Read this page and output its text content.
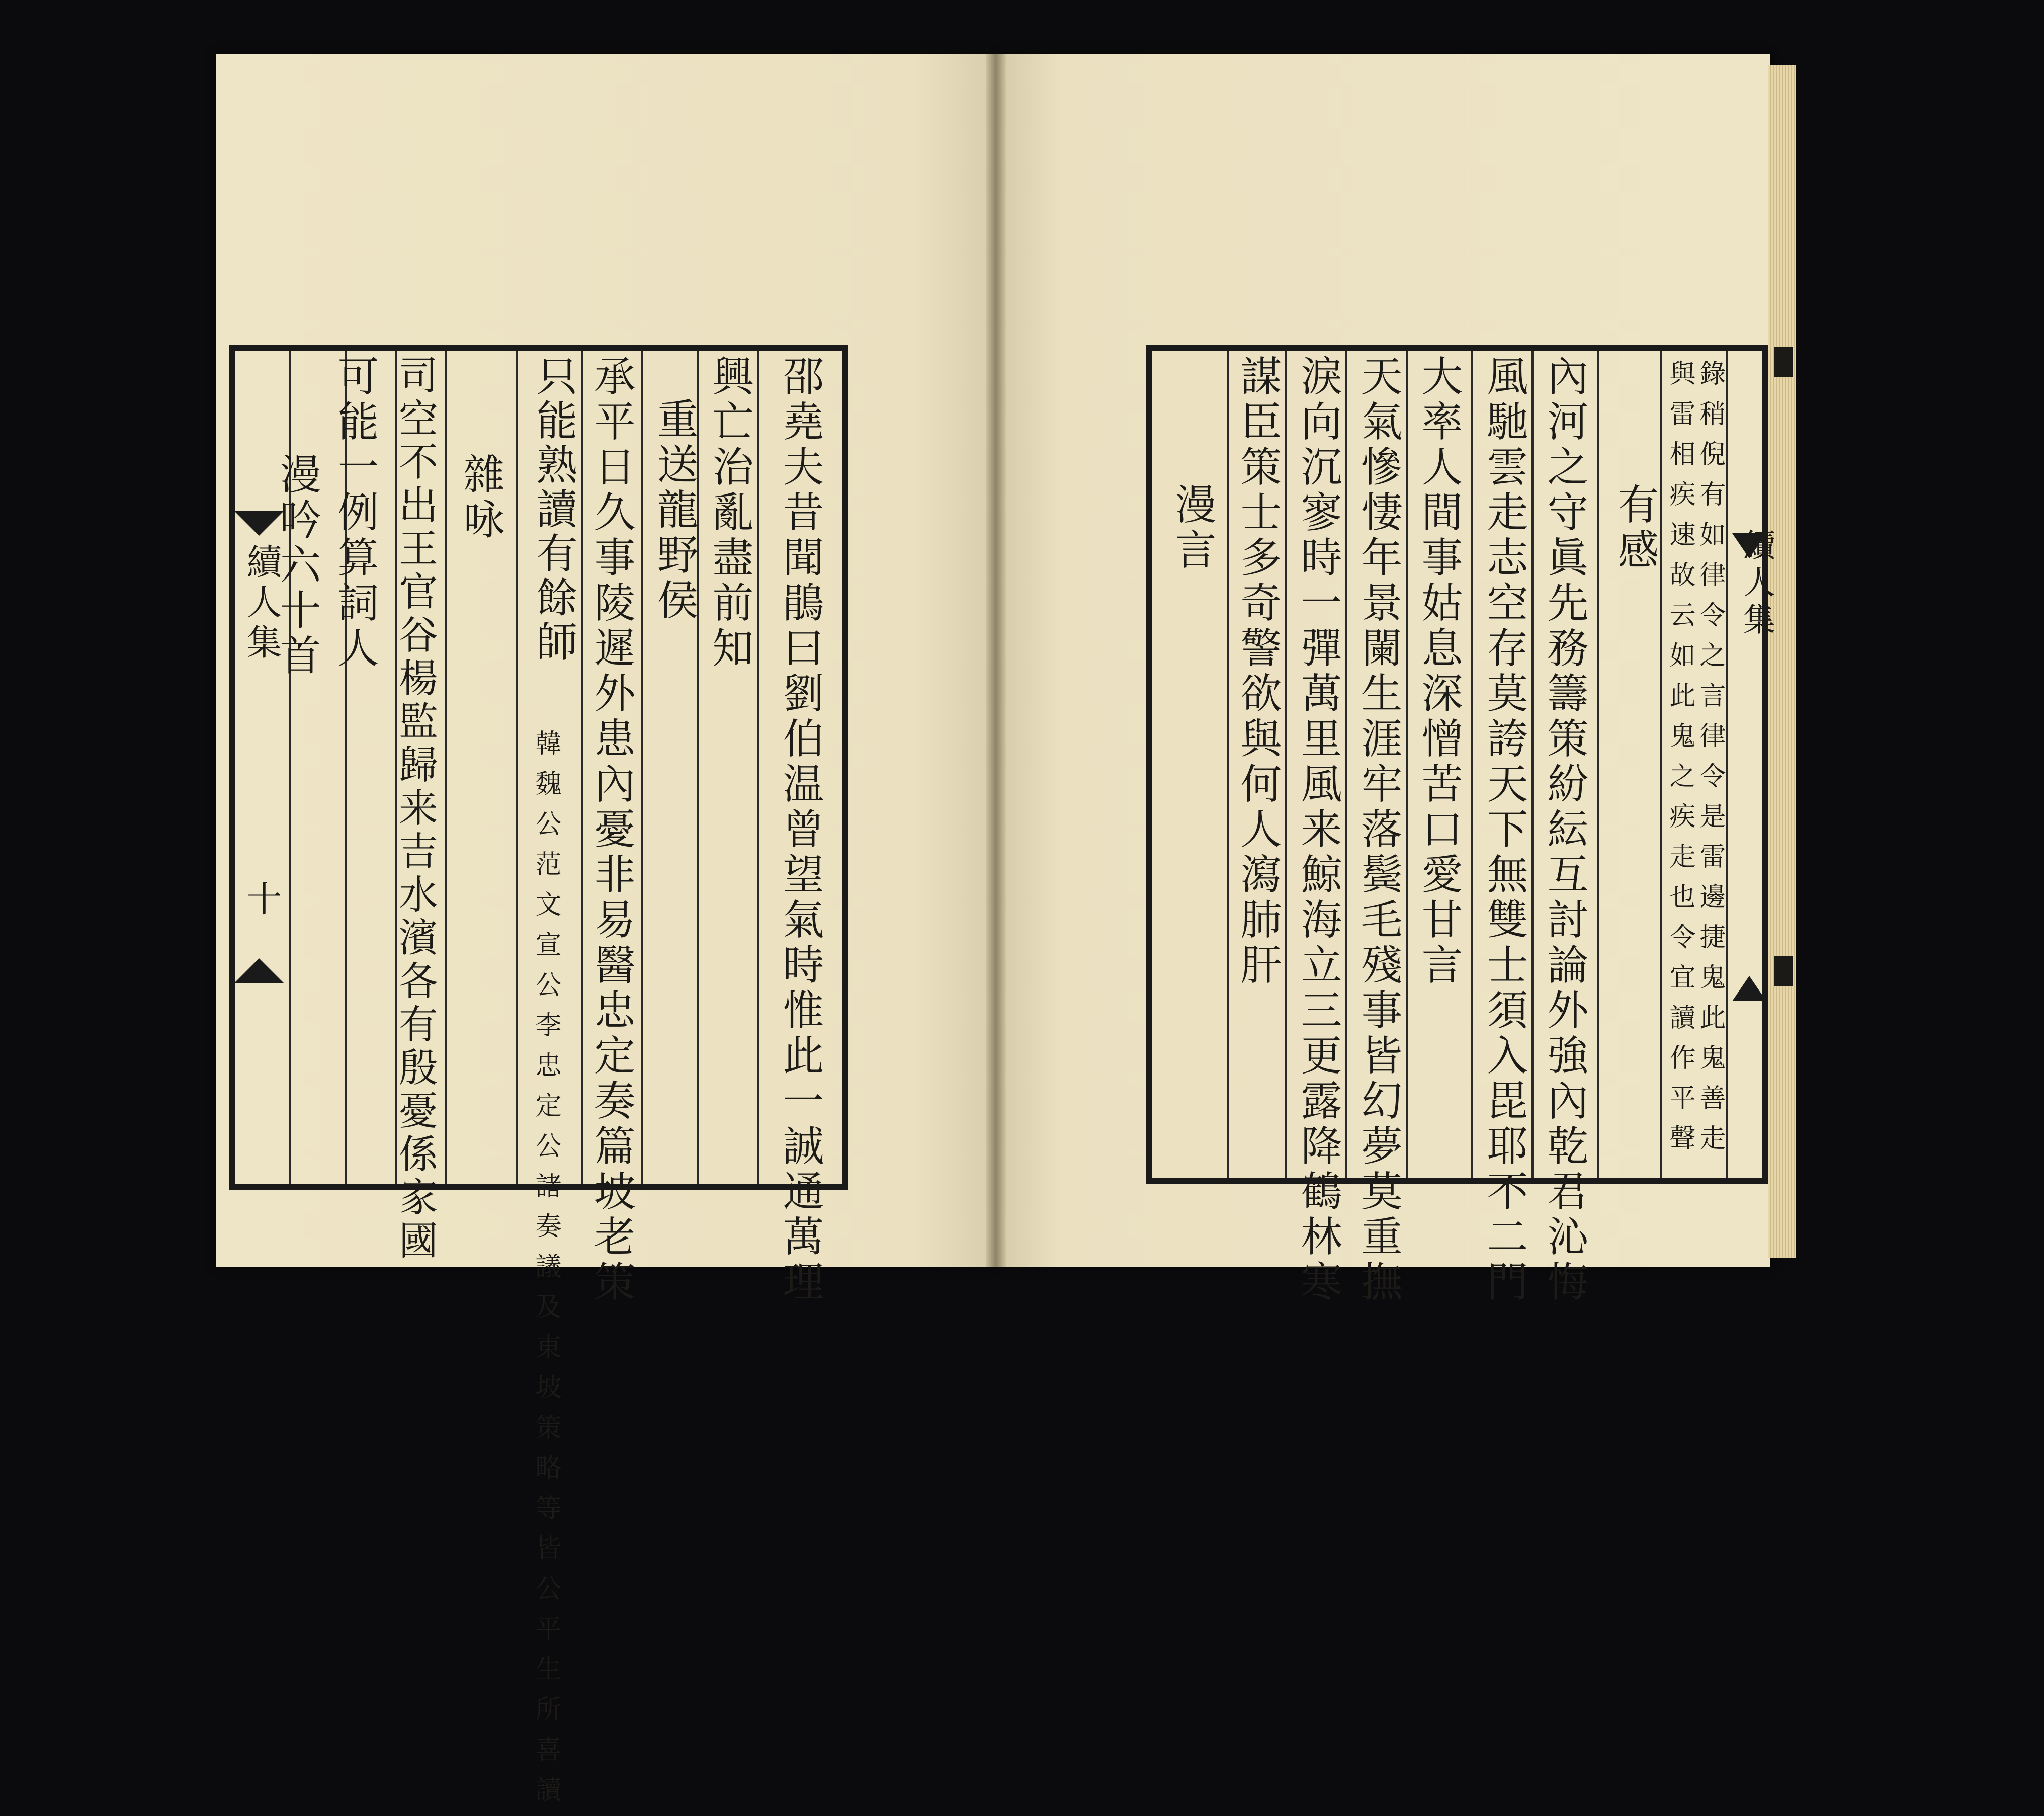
續人集
十	邵堯夫昔聞鵑曰劉伯温曾望氣時惟此一誠通萬理
興亡治亂盡前知
重送龍野侯
承平日久事陵遲外患內憂非易醫忠定奏篇坡老策
只能熟讀有餘師
韓魏公范文宣公李忠定公諸奏議及東坡策略等皆公平生所喜讀
雜咏
司空不出王官谷楊監歸来吉水濱各有殷憂係家國
可能一例算詞人
漫吟六十首	續人集
錄稍倪有如律令之言律令是雷邊捷鬼此鬼善走
與雷相疾速故云如此鬼之疾走也令宜讀作平聲
有感
內河之守眞先務籌策紛紜互討論外強內乾君沁悔
風馳雲走志空存莫誇天下無雙士須入毘耶不二門
大率人間事姑息深憎苦口愛甘言
天氣慘悽年景闌生涯牢落鬓毛殘事皆幻夢莫重撫
淚向沉寥時一彈萬里風来鯨海立三更露降鶴林寒
謀臣策士多奇警欲與何人瀉肺肝
漫言
